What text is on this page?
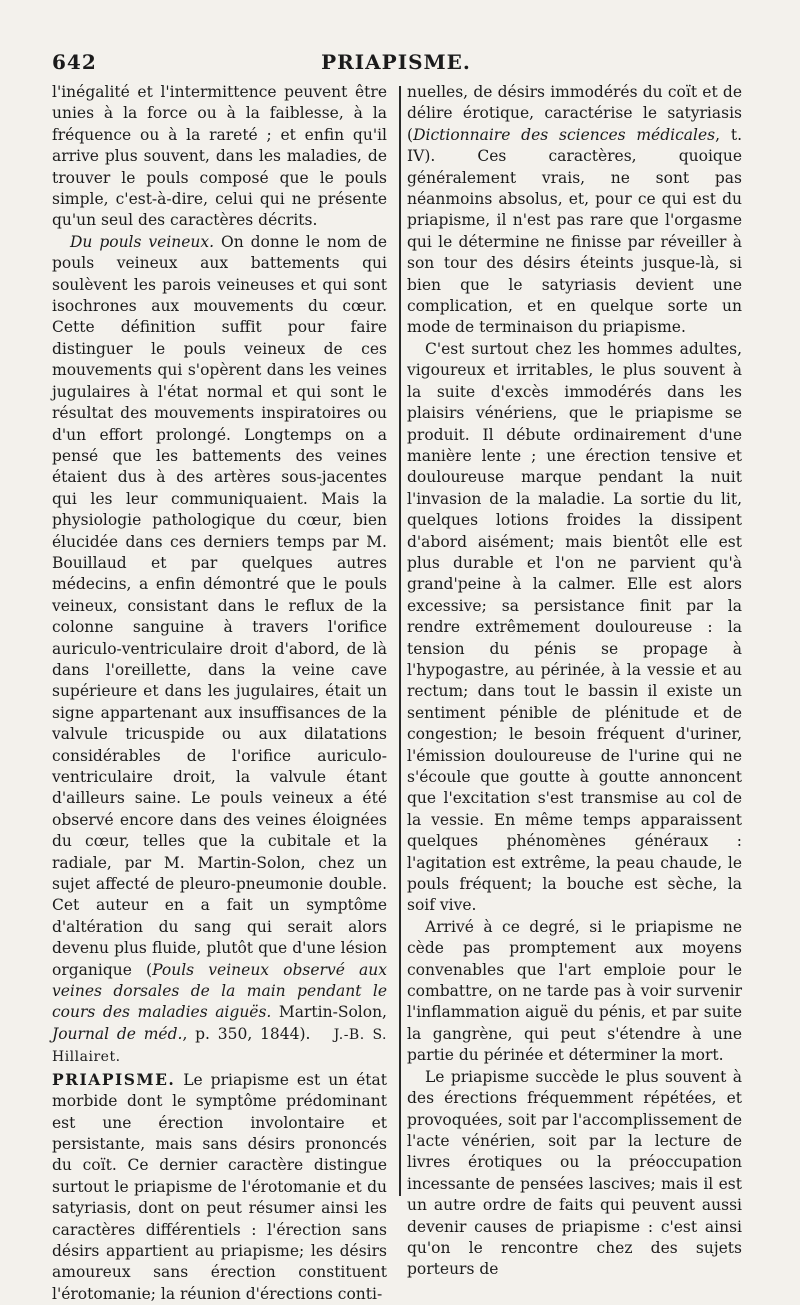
642	PRIAPISME.

l'inégalité et l'intermittence peuvent être unies à la force ou à la faiblesse, à la fréquence ou à la rareté ; et enfin qu'il arrive plus souvent, dans les maladies, de trouver le pouls composé que le pouls simple, c'est-à-dire, celui qui ne présente qu'un seul des caractères décrits.

Du pouls veineux. On donne le nom de pouls veineux aux battements qui soulèvent les parois veineuses et qui sont isochrones aux mouvements du cœur. Cette définition suffit pour faire distinguer le pouls veineux de ces mouvements qui s'opèrent dans les veines jugulaires à l'état normal et qui sont le résultat des mouvements inspiratoires ou d'un effort prolongé. Longtemps on a pensé que les battements des veines étaient dus à des artères sous-jacentes qui les leur communiquaient. Mais la physiologie pathologique du cœur, bien élucidée dans ces derniers temps par M. Bouillaud et par quelques autres médecins, a enfin démontré que le pouls veineux, consistant dans le reflux de la colonne sanguine à travers l'orifice auriculo-ventriculaire droit d'abord, de là dans l'oreillette, dans la veine cave supérieure et dans les jugulaires, était un signe appartenant aux insuffisances de la valvule tricuspide ou aux dilatations considérables de l'orifice auriculo-ventriculaire droit, la valvule étant d'ailleurs saine. Le pouls veineux a été observé encore dans des veines éloignées du cœur, telles que la cubitale et la radiale, par M. Martin-Solon, chez un sujet affecté de pleuro-pneumonie double. Cet auteur en a fait un symptôme d'altération du sang qui serait alors devenu plus fluide, plutôt que d'une lésion organique (Pouls veineux observé aux veines dorsales de la main pendant le cours des maladies aiguës. Martin-Solon, Journal de méd., p. 350, 1844). J.-B. S. Hillairet.

PRIAPISME. Le priapisme est un état morbide dont le symptôme prédominant est une érection involontaire et persistante, mais sans désirs prononcés du coït. Ce dernier caractère distingue surtout le priapisme de l'érotomanie et du satyriasis, dont on peut résumer ainsi les caractères différentiels : l'érection sans désirs appartient au priapisme; les désirs amoureux sans érection constituent l'érotomanie; la réunion d'érections conti-

nuelles, de désirs immodérés du coït et de délire érotique, caractérise le satyriasis (Dictionnaire des sciences médicales, t. IV). Ces caractères, quoique généralement vrais, ne sont pas néanmoins absolus, et, pour ce qui est du priapisme, il n'est pas rare que l'orgasme qui le détermine ne finisse par réveiller à son tour des désirs éteints jusque-là, si bien que le satyriasis devient une complication, et en quelque sorte un mode de terminaison du priapisme.

C'est surtout chez les hommes adultes, vigoureux et irritables, le plus souvent à la suite d'excès immodérés dans les plaisirs vénériens, que le priapisme se produit. Il débute ordinairement d'une manière lente ; une érection tensive et douloureuse marque pendant la nuit l'invasion de la maladie. La sortie du lit, quelques lotions froides la dissipent d'abord aisément; mais bientôt elle est plus durable et l'on ne parvient qu'à grand'peine à la calmer. Elle est alors excessive; sa persistance finit par la rendre extrêmement douloureuse : la tension du pénis se propage à l'hypogastre, au périnée, à la vessie et au rectum; dans tout le bassin il existe un sentiment pénible de plénitude et de congestion; le besoin fréquent d'uriner, l'émission douloureuse de l'urine qui ne s'écoule que goutte à goutte annoncent que l'excitation s'est transmise au col de la vessie. En même temps apparaissent quelques phénomènes généraux : l'agitation est extrême, la peau chaude, le pouls fréquent; la bouche est sèche, la soif vive.

Arrivé à ce degré, si le priapisme ne cède pas promptement aux moyens convenables que l'art emploie pour le combattre, on ne tarde pas à voir survenir l'inflammation aiguë du pénis, et par suite la gangrène, qui peut s'étendre à une partie du périnée et déterminer la mort.

Le priapisme succède le plus souvent à des érections fréquemment répétées, et provoquées, soit par l'accomplissement de l'acte vénérien, soit par la lecture de livres érotiques ou la préoccupation incessante de pensées lascives; mais il est un autre ordre de faits qui peuvent aussi devenir causes de priapisme : c'est ainsi qu'on le rencontre chez des sujets porteurs de
